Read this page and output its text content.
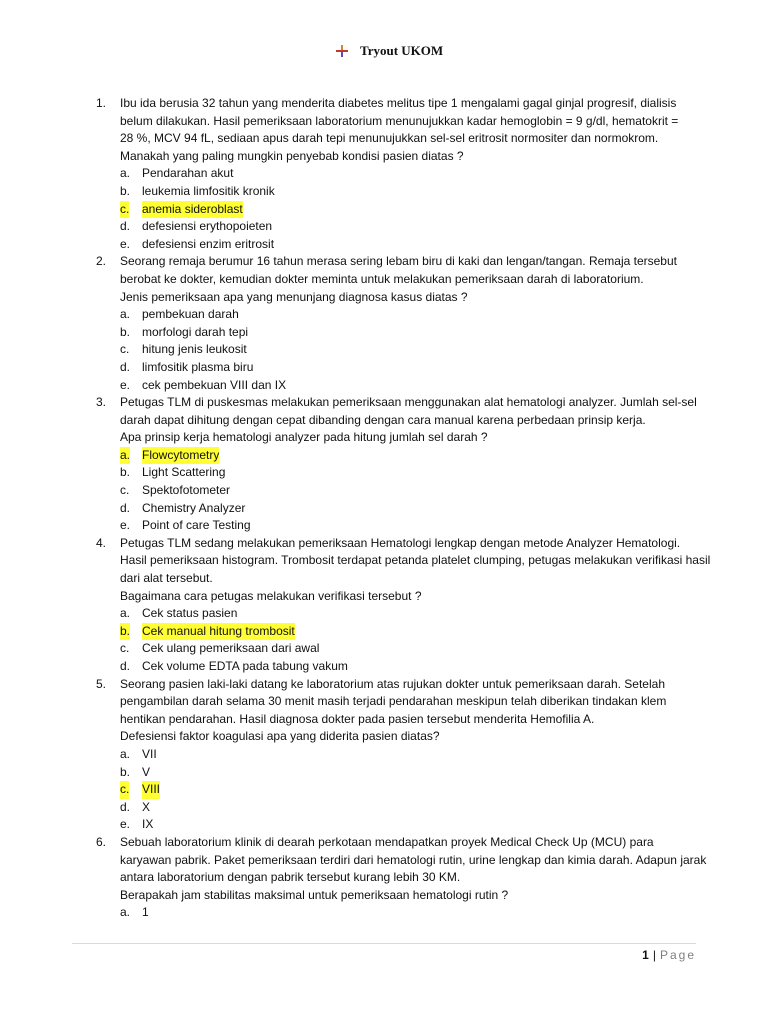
Tryout UKOM
1.	Ibu ida berusia 32 tahun yang menderita diabetes melitus tipe 1 mengalami gagal ginjal progresif, dialisis
belum dilakukan. Hasil pemeriksaan laboratorium menunujukkan kadar hemoglobin = 9 g/dl, hematokrit =
28 %, MCV 94 fL, sediaan apus darah tepi menunujukkan sel-sel eritrosit normositer dan normokrom.
Manakah yang paling mungkin penyebab kondisi pasien diatas ?
a. Pendarahan akut
b. leukemia limfositik kronik
c. anemia sideroblast
d. defesiensi erythopoieten
e. defesiensi enzim eritrosit
2.	Seorang remaja berumur 16 tahun merasa sering lebam biru di kaki dan lengan/tangan. Remaja tersebut
berobat ke dokter, kemudian dokter meminta untuk melakukan pemeriksaan darah di laboratorium.
Jenis pemeriksaan apa yang menunjang diagnosa kasus diatas ?
a. pembekuan darah
b. morfologi darah tepi
c. hitung jenis leukosit
d. limfositik plasma biru
e. cek pembekuan VIII dan IX
3.	Petugas TLM di puskesmas melakukan pemeriksaan menggunakan alat hematologi analyzer. Jumlah sel-sel
darah dapat dihitung dengan cepat dibanding dengan cara manual karena perbedaan prinsip kerja.
Apa prinsip kerja hematologi analyzer pada hitung jumlah sel darah ?
a. Flowcytometry
b. Light Scattering
c. Spektofotometer
d. Chemistry Analyzer
e. Point of care Testing
4.	Petugas TLM sedang melakukan pemeriksaan Hematologi lengkap dengan metode Analyzer Hematologi.
Hasil pemeriksaan histogram. Trombosit terdapat petanda platelet clumping, petugas melakukan verifikasi hasil
dari alat tersebut.
Bagaimana cara petugas melakukan verifikasi tersebut ?
a. Cek status pasien
b. Cek manual hitung trombosit
c. Cek ulang pemeriksaan dari awal
d. Cek volume EDTA pada tabung vakum
5.	Seorang pasien laki-laki datang ke laboratorium atas rujukan dokter untuk pemeriksaan darah. Setelah
pengambilan darah selama 30 menit masih terjadi pendarahan meskipun telah diberikan tindakan klem
hentikan pendarahan. Hasil diagnosa dokter pada pasien tersebut menderita Hemofilia A.
Defesiensi faktor koagulasi apa yang diderita pasien diatas?
a. VII
b. V
c. VIII
d. X
e. IX
6.	Sebuah laboratorium klinik di dearah perkotaan mendapatkan proyek Medical Check Up (MCU) para
karyawan pabrik. Paket pemeriksaan terdiri dari hematologi rutin, urine lengkap dan kimia darah. Adapun jarak
antara laboratorium dengan pabrik tersebut kurang lebih 30 KM.
Berapakah jam stabilitas maksimal untuk pemeriksaan hematologi rutin ?
a. 1
1 | Page
